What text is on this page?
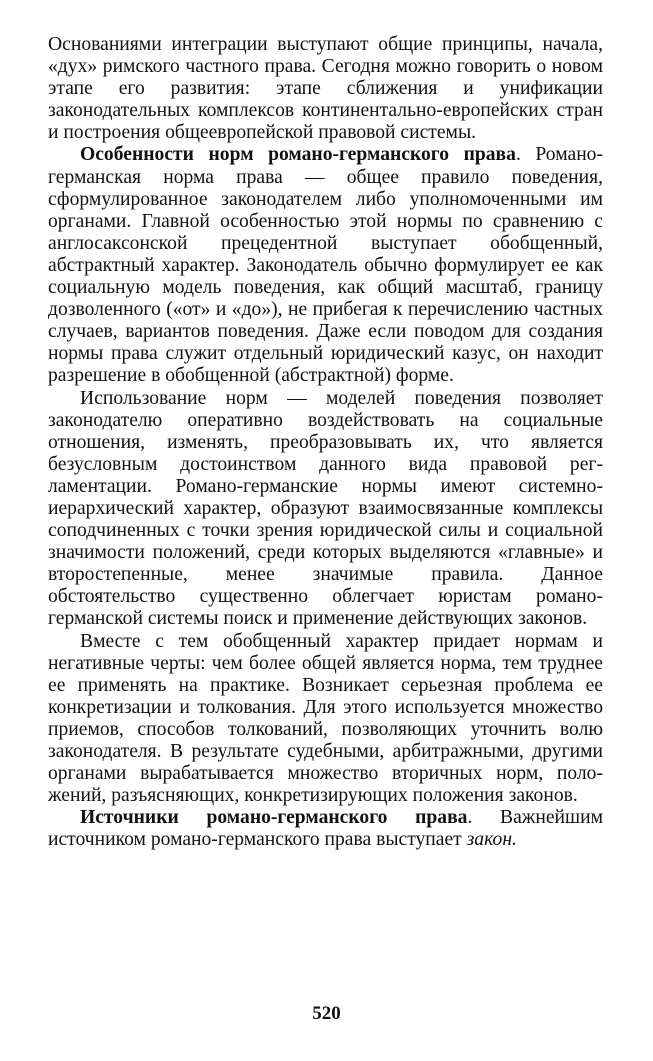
Основаниями интеграции выступают общие принципы, начала, «дух» римского частного права. Сегодня можно говорить о новом этапе его развития: этапе сближения и унификации законодательных комплексов континентально-европейских стран и построения общеевропейской правовой системы.

Особенности норм романо-германского права. Романо-германская норма права — общее правило поведения, сформулированное законодателем либо уполномоченными им органами. Главной особенностью этой нормы по сравнению с англосаксонской прецедентной выступает обобщенный, абстрактный характер. Законодатель обычно формулирует ее как социальную модель поведения, как общий масштаб, границу дозволенного («от» и «до»), не прибегая к перечислению частных случаев, вариантов поведения. Даже если поводом для создания нормы права служит отдельный юридический казус, он находит разрешение в обобщенной (абстрактной) форме.

Использование норм — моделей поведения позволяет законодателю оперативно воздействовать на социальные отношения, изменять, преобразовывать их, что является безусловным достоинством данного вида правовой регламентации. Романо-германские нормы имеют системно-иерархический характер, образуют взаимосвязанные комплексы соподчиненных с точки зрения юридической силы и социальной значимости положений, среди которых выделяются «главные» и второстепенные, менее значимые правила. Данное обстоятельство существенно облегчает юристам романо-германской системы поиск и применение действующих законов.

Вместе с тем обобщенный характер придает нормам и негативные черты: чем более общей является норма, тем труднее ее применять на практике. Возникает серьезная проблема ее конкретизации и толкования. Для этого используется множество приемов, способов толкований, позволяющих уточнить волю законодателя. В результате судебными, арбитражными, другими органами вырабатывается множество вторичных норм, положений, разъясняющих, конкретизирующих положения законов.

Источники романо-германского права. Важнейшим источником романо-германского права выступает закон.

520
